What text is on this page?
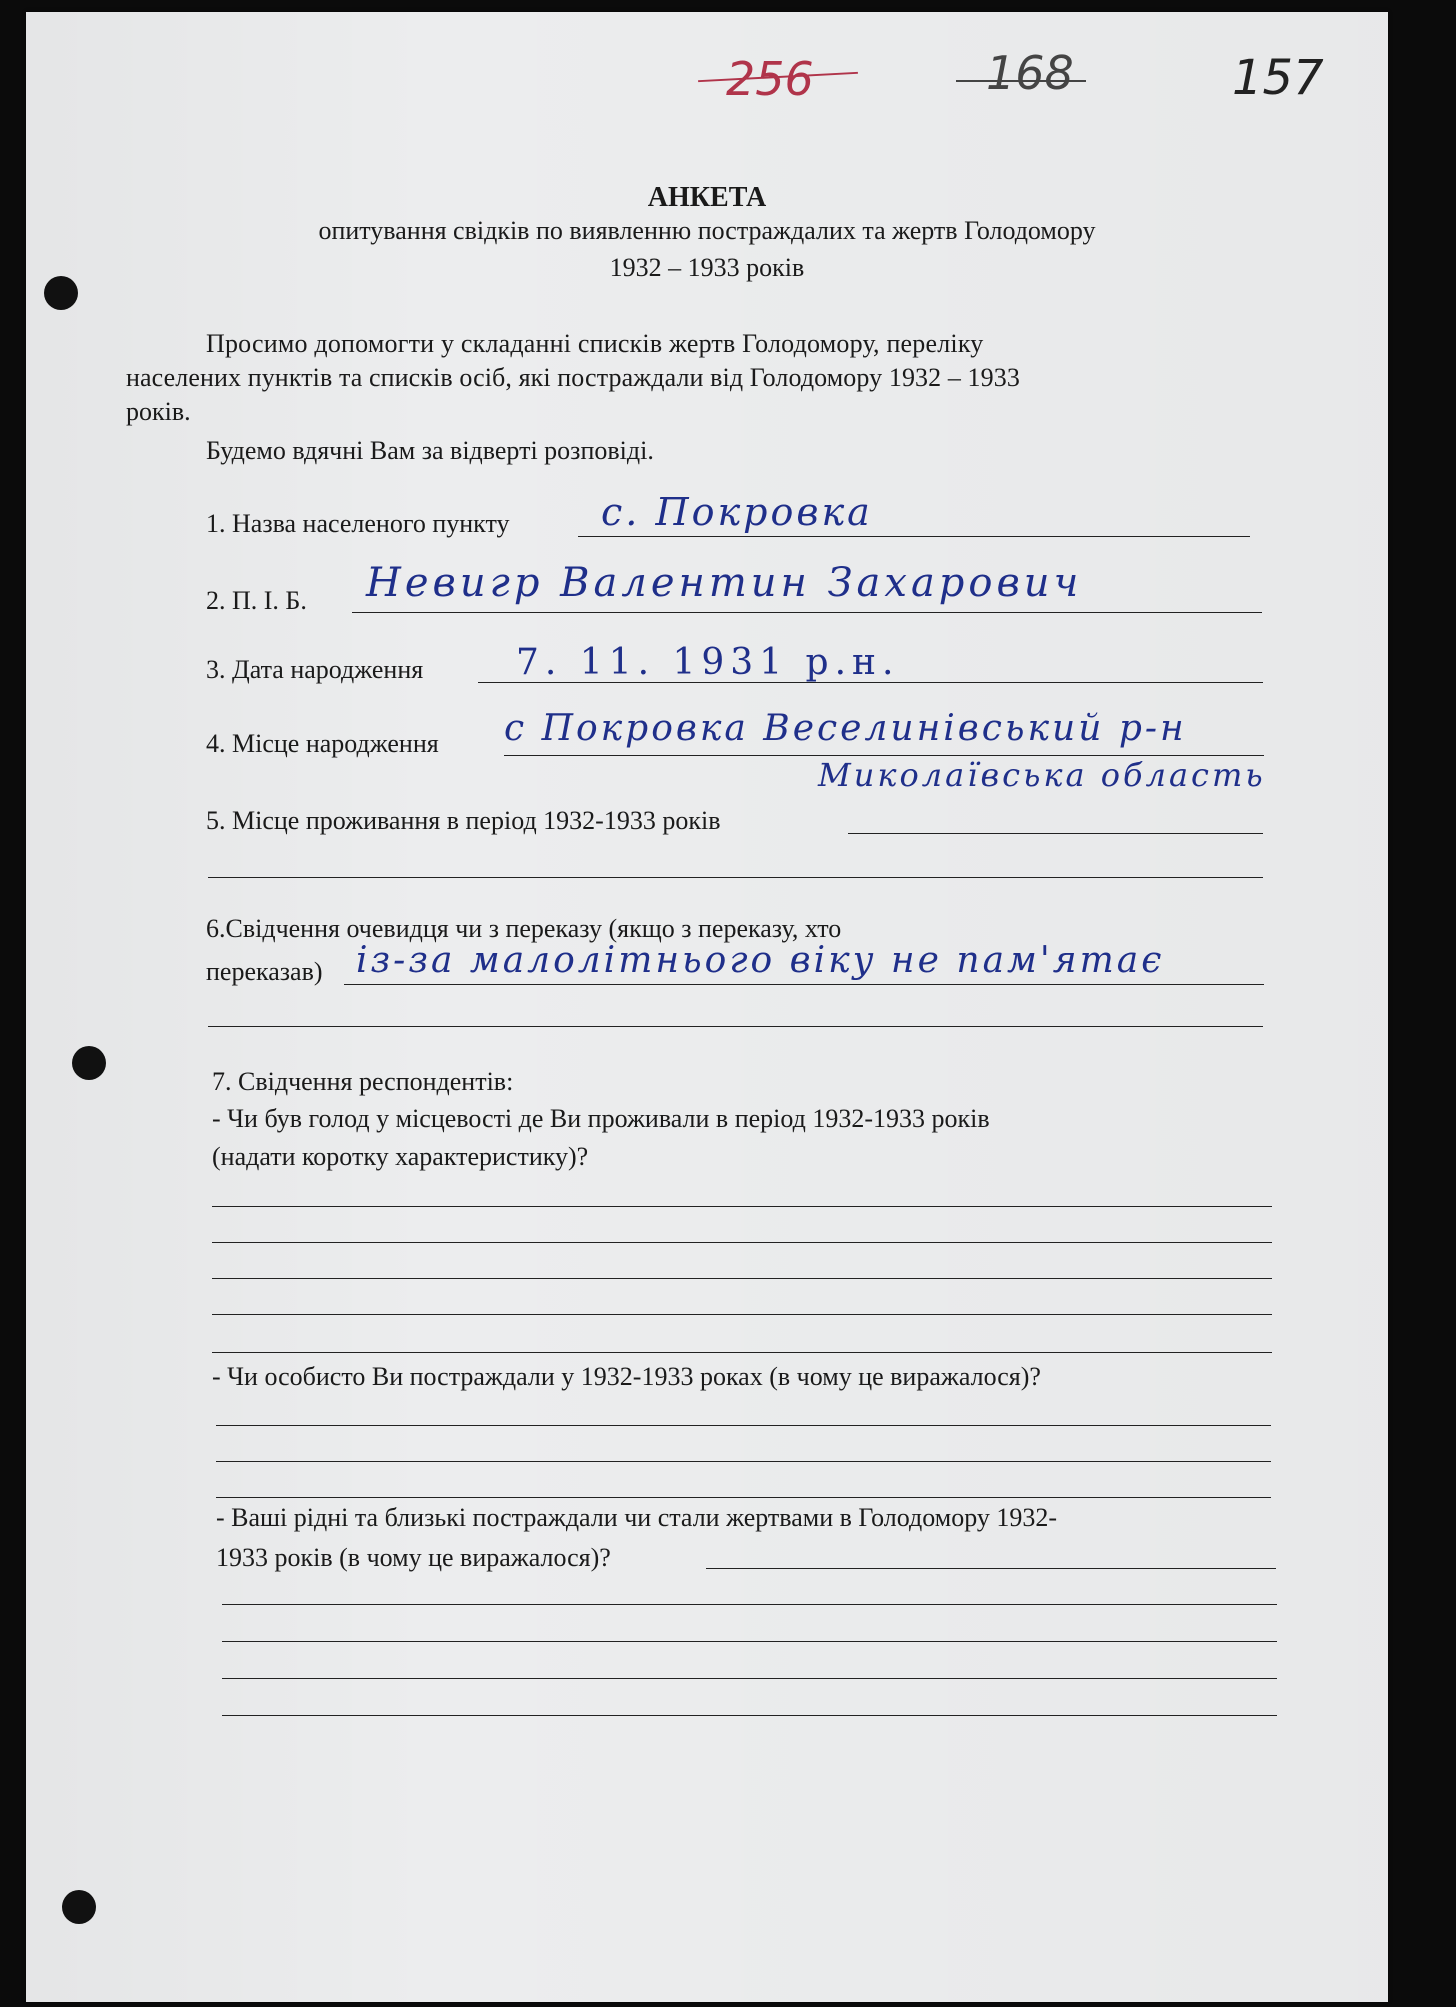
256	168	157
АНКЕТА
опитування свідків по виявленню постраждалих та жертв Голодомору
1932 – 1933 років
Просимо допомогти у складанні списків жертв Голодомору, переліку
населених пунктів та списків осіб, які постраждали від Голодомору 1932 – 1933
років.
Будемо вдячні Вам за відверті розповіді.
1. Назва населеного пункту с. Покровка
2. П. І. Б. Невигр Валентин Захарович
3. Дата народження	7. 11. 1931 р.н.
4. Місце народження с Покровка Веселинівський р-н
Миколаївська область
5. Місце проживання в період 1932-1933 років
6.Свідчення очевидця чи з переказу (якщо з переказу, хто
переказав) із-за малолітнього віку не пам'ятає
7. Свідчення респондентів:
- Чи був голод у місцевості де Ви проживали в період 1932-1933 років
(надати коротку характеристику)?
- Чи особисто Ви постраждали у 1932-1933 роках (в чому це виражалося)?
- Ваші рідні та близькі постраждали чи стали жертвами в Голодомору 1932-
1933 років (в чому це виражалося)?
